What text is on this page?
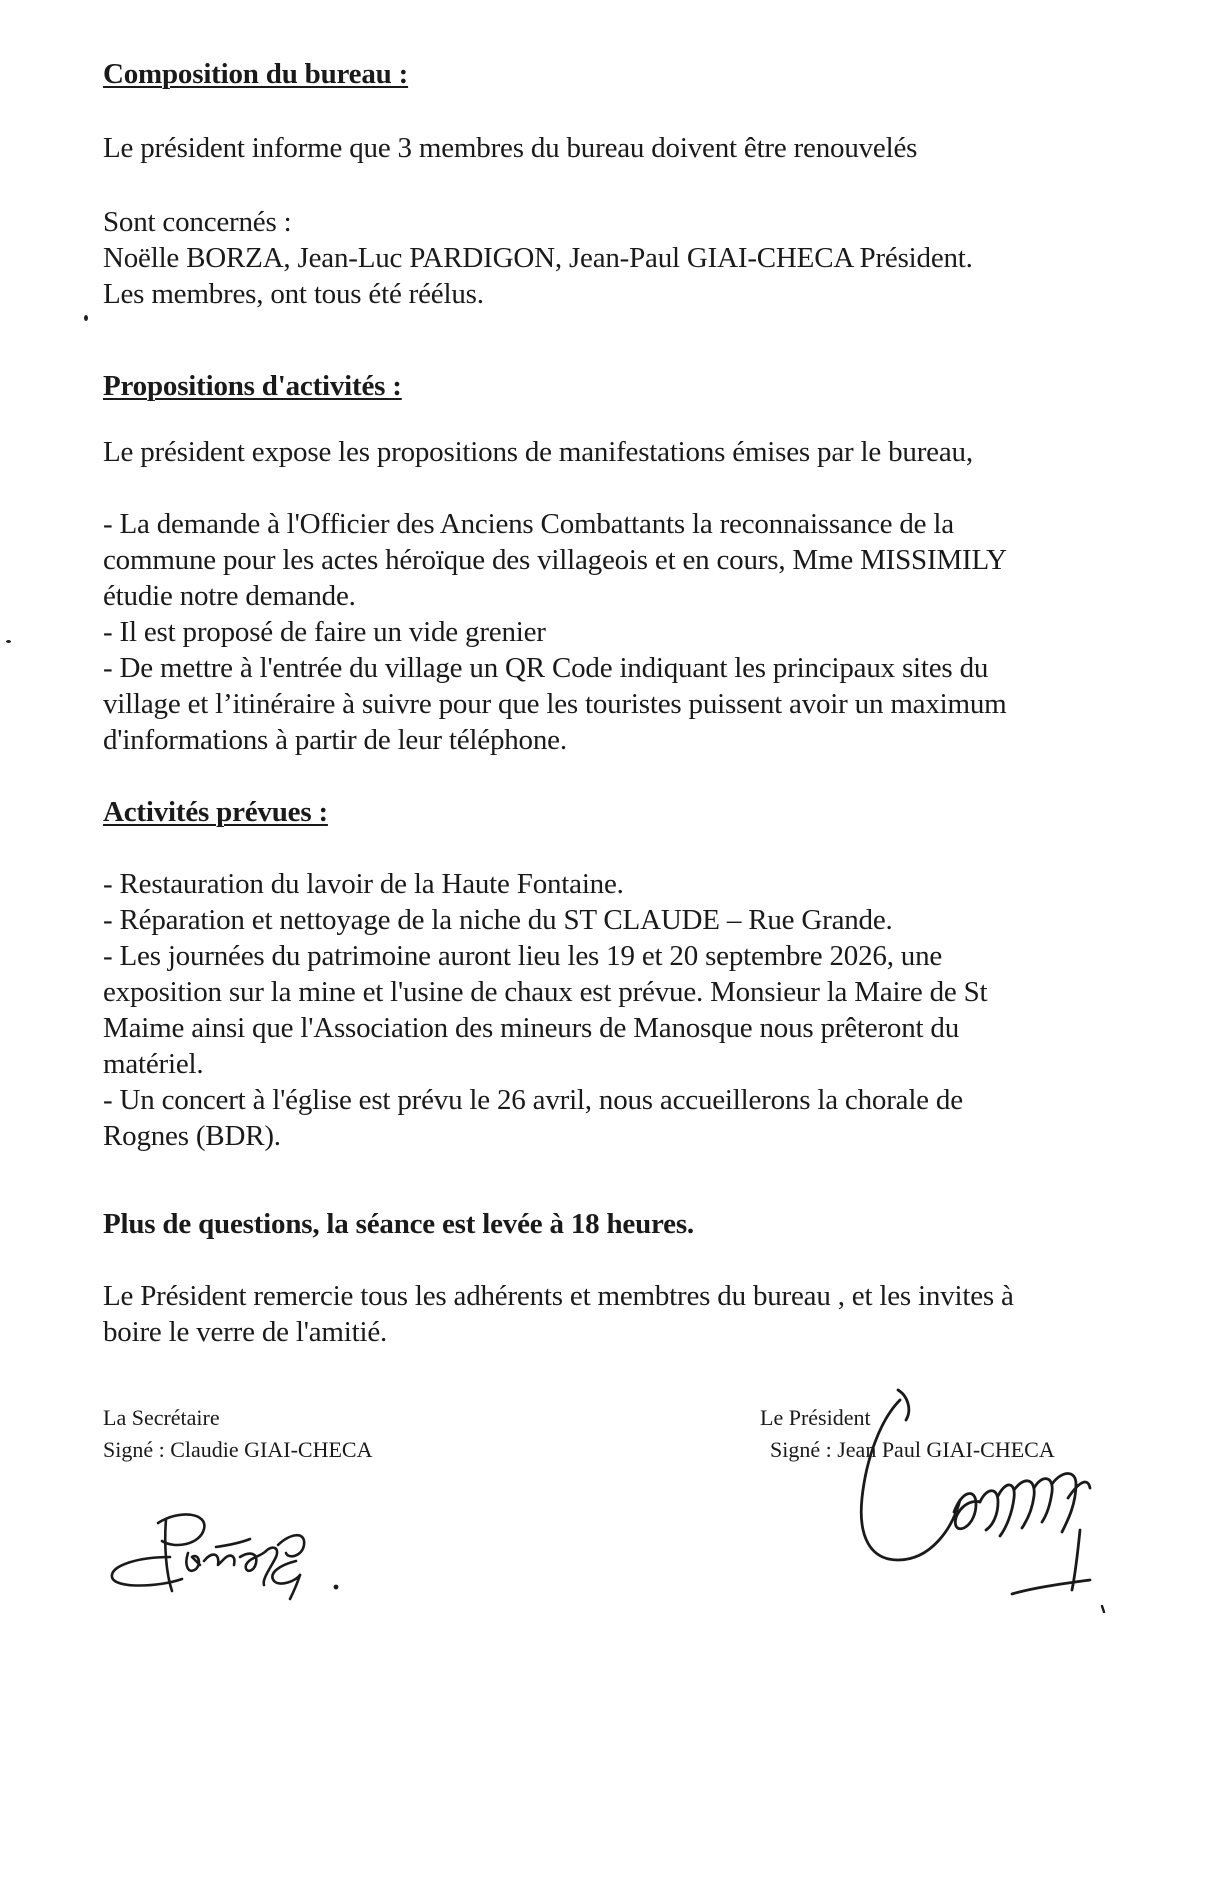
Composition du bureau :

Le président informe que 3 membres du bureau doivent être renouvelés

Sont concernés :

Noëlle BORZA, Jean-Luc PARDIGON, Jean-Paul GIAI-CHECA Président.

Les membres, ont tous été réélus.

Propositions d'activités :

Le président expose les propositions de manifestations émises par le bureau,

- La demande à l'Officier des Anciens Combattants la reconnaissance de la

commune pour les actes héroïque des villageois et en cours, Mme MISSIMILY

étudie notre demande.

- Il est proposé de faire un vide grenier

- De mettre à l'entrée du village un QR Code indiquant les principaux sites du

village et l’itinéraire à suivre pour que les touristes puissent avoir un maximum

d'informations à partir de leur téléphone.

Activités prévues :

- Restauration du lavoir de la Haute Fontaine.

- Réparation et nettoyage de la niche du ST CLAUDE – Rue Grande.

- Les journées du patrimoine auront lieu les 19 et 20 septembre 2026, une

exposition sur la mine et l'usine de chaux est prévue. Monsieur la Maire de St

Maime ainsi que l'Association des mineurs de Manosque nous prêteront du

matériel.

- Un concert à l'église est prévu le 26 avril, nous accueillerons la chorale de

Rognes (BDR).

Plus de questions, la séance est levée à 18 heures.

Le Président remercie tous les adhérents et membtres du bureau , et les invites à

boire le verre de l'amitié.

La Secrétaire

Signé : Claudie GIAI-CHECA

Le Président

Signé : Jean Paul GIAI-CHECA
